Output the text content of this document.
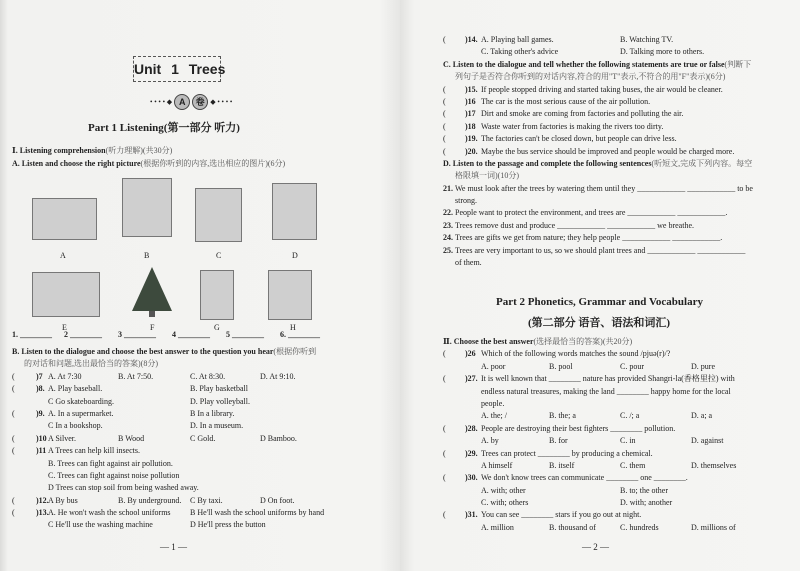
Unit 1 Trees
• • • • ◆ A	卷 ◆ • • • •
Part 1 Listening(第一部分 听力)
Ⅰ. Listening comprehension(听力理解)(共30分)
A. Listen and choose the right picture(根据你听到的内容,选出相应的图片)(6分)
A	B	C	D
E	F	G	H
1. ________ 2 ________ 3 ________ 4 ________ 5 ________ 6. ________
B. Listen to the dialogue and choose the best answer to the question you hear(根据你听到
的对话和问题,选出最恰当的答案)(8分)
(	)7 A. At 7:30	B. At 7:50.	C. At 8:30.	D. At 9:10.
(	)8. A. Play baseball.	B. Play basketball
C Go skateboarding.	D. Play volleyball.
(	)9. A. In a supermarket.	B In a library.
C In a bookshop.	D. In a museum.
(	)10 A Silver.	B Wood	C Gold.	D Bamboo.
(	)11 A Trees can help kill insects.
B. Trees can fight against air pollution.
C. Trees can fight against noise pollution
D Trees can stop soil from being washed away.
(	)12. A By bus	B. By underground. C By taxi.	D On foot.
(	)13. A. He won't wash the school uniforms B He'll wash the school uniforms by hand
C He'll use the washing machine	D He'll press the button
— 1 —
( )14. A. Playing ball games.	B. Watching TV.
C. Taking other's advice	D. Talking more to others.
C. Listen to the dialogue and tell whether the following statements are true or false(判断下
列句子是否符合你听到的对话内容,符合的用"T"表示,不符合的用"F"表示)(6分)
( )15. If people stopped driving and started taking buses, the air would be cleaner.
( )16 The car is the most serious cause of the air pollution.
( )17 Dirt and smoke are coming from factories and polluting the air.
( )18 Waste water from factories is making the rivers too dirty.
( )19. The factories can't be closed down, but people can drive less.
( )20. Maybe the bus service should be improved and people would be charged more.
D. Listen to the passage and complete the following sentences(听短文,完成下列内容。每空
格限填一词)(10分)
21. We must look after the trees by watering them until they ____________ ____________ to be
strong.
22. People want to protect the environment, and trees are ____________ ____________.
23. Trees remove dust and produce ____________ ____________ we breathe.
24. Trees are gifts we get from nature; they help people ____________ ____________.
25. Trees are very important to us, so we should plant trees and ____________ ____________
of them.
Part 2 Phonetics, Grammar and Vocabulary
(第二部分 语音、语法和词汇)
Ⅱ. Choose the best answer(选择最恰当的答案)(共20分)
( )26 Which of the following words matches the sound /pjuə(r)/?
A. poor	B. pool	C. pour	D. pure
( )27. It is well known that ________ nature has provided Shangri-la(香格里拉) with
endless natural treasures, making the land ________ happy home for the local
people.
A. the; /	B. the; a	C. /; a	D. a; a
( )28. People are destroying their best fighters ________ pollution.
A. by	B. for	C. in	D. against
( )29. Trees can protect ________ by producing a chemical.
A himself	B. itself	C. them	D. themselves
( )30. We don't know trees can communicate ________ one ________.
A. with; other	B. to; the other
C. with; others	D. with; another
( )31. You can see ________ stars if you go out at night.
A. million	B. thousand of	C. hundreds	D. millions of
— 2 —
